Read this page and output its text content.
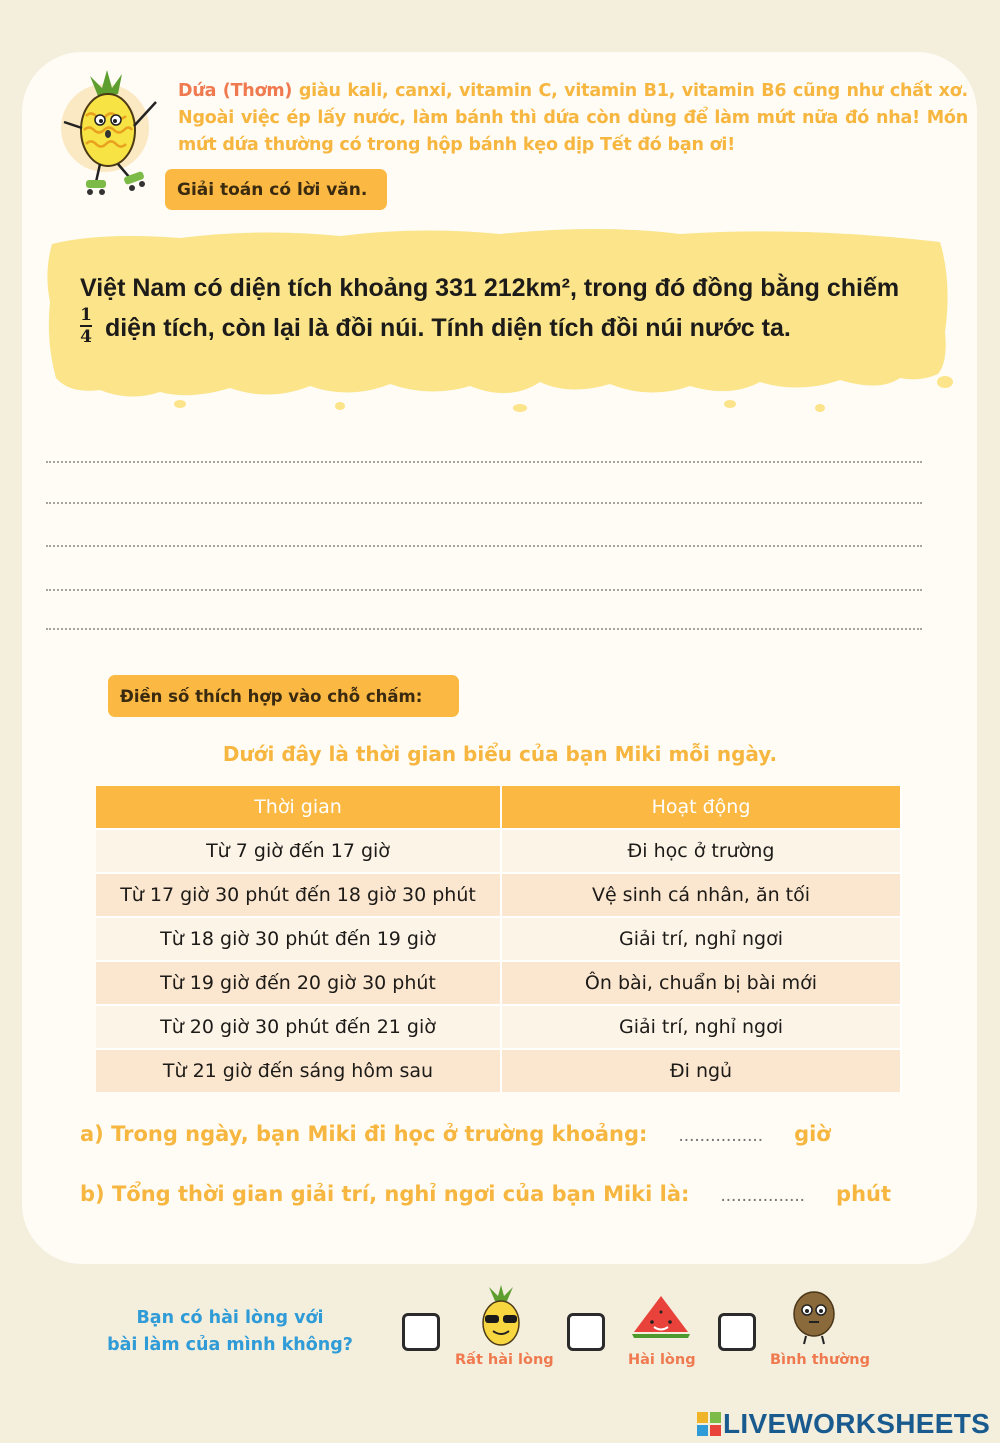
Dứa (Thơm) giàu kali, canxi, vitamin C, vitamin B1, vitamin B6 cũng như chất xơ. Ngoài việc ép lấy nước, làm bánh thì dứa còn dùng để làm mứt nữa đó nha! Món mứt dứa thường có trong hộp bánh kẹo dịp Tết đó bạn ơi!
Giải toán có lời văn.
Việt Nam có diện tích khoảng 331 212km², trong đó đồng bằng chiếm

$\frac{1}{4}$ diện tích, còn lại là đồi núi. Tính diện tích đồi núi nước ta.
Điền số thích hợp vào chỗ chấm:
Dưới đây là thời gian biểu của bạn Miki mỗi ngày.
Thời gian	Hoạt động
Từ 7 giờ đến 17 giờ	Đi học ở trường
Từ 17 giờ 30 phút đến 18 giờ 30 phút	Vệ sinh cá nhân, ăn tối
Từ 18 giờ 30 phút đến 19 giờ	Giải trí, nghỉ ngơi
Từ 19 giờ đến 20 giờ 30 phút	Ôn bài, chuẩn bị bài mới
Từ 20 giờ 30 phút đến 21 giờ	Giải trí, nghỉ ngơi
Từ 21 giờ đến sáng hôm sau	Đi ngủ
a) Trong ngày, bạn Miki đi học ở trường khoảng: ................	giờ
b) Tổng thời gian giải trí, nghỉ ngơi của bạn Miki là: ................	phút
Bạn có hài lòng với
bài làm của mình không?
Rất hài lòng	Hài lòng	Bình thường
LIVEWORKSHEETS
